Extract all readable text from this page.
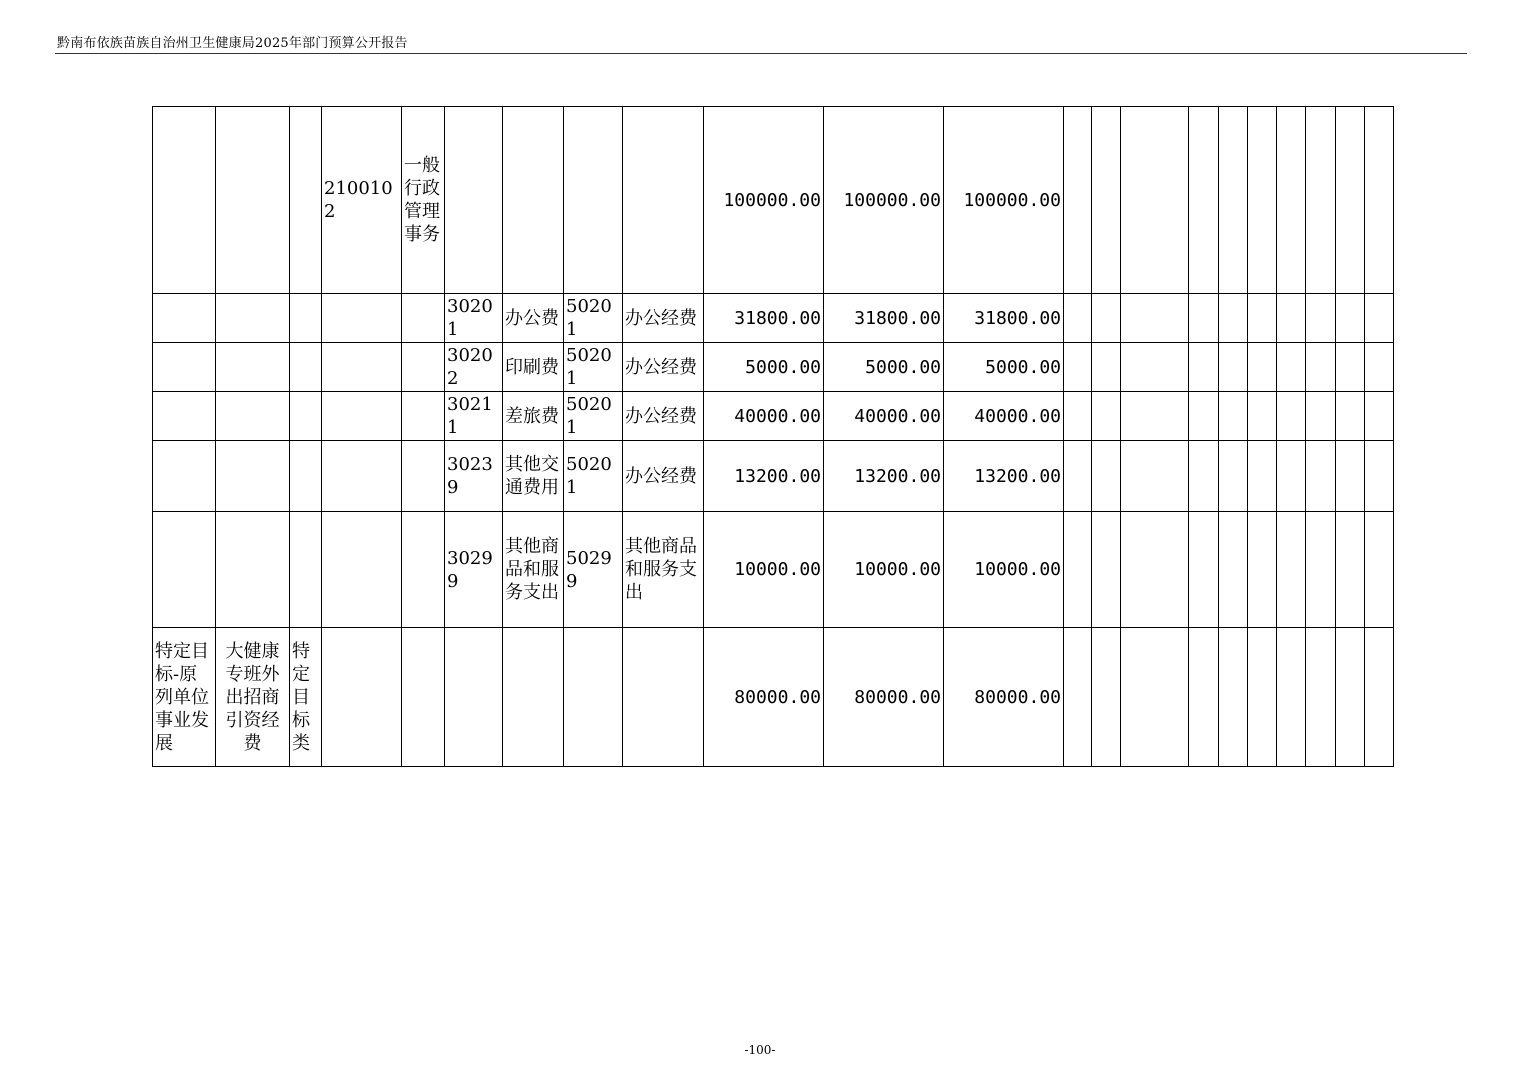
黔南布依族苗族自治州卫生健康局2025年部门预算公开报告
			2100102	一般行政管理事务					100000.00	100000.00	100000.00										
					30201	办公费	50201	办公经费	31800.00	31800.00	31800.00										
					30202	印刷费	50201	办公经费	5000.00	5000.00	5000.00										
					30211	差旅费	50201	办公经费	40000.00	40000.00	40000.00										
					30239	其他交通费用	50201	办公经费	13200.00	13200.00	13200.00										
					30299	其他商品和服务支出	50299	其他商品和服务支出	10000.00	10000.00	10000.00										
特定目标-原列单位事业发展	大健康专班外出招商引资经费	特定目标类							80000.00	80000.00	80000.00										
-100-
